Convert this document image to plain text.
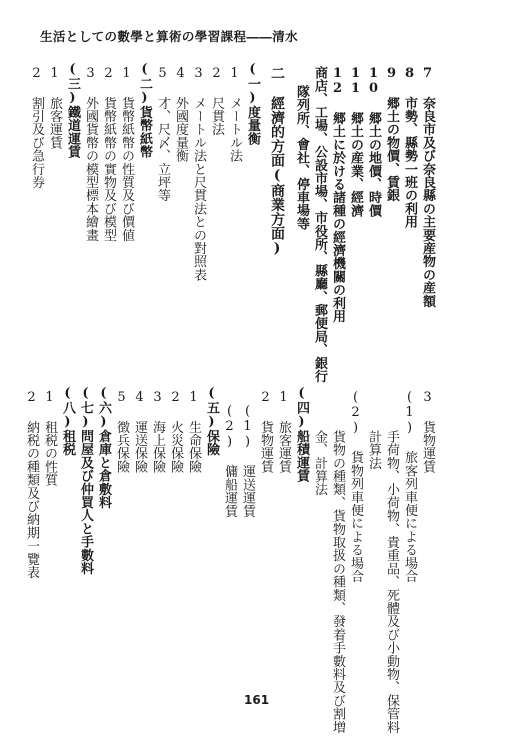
生活としての數學と算術の學習課程――清水
7 奈良市及び奈良縣の主要産物の産額
8 市勢、縣勢一班の利用
9 郷土の物價、賃銀
10 郷土の地價、時價
11 郷土の産業、經濟
12 郷土に於ける諸種の經濟機關の利用
商店、工場、公設市場、市役所、縣廳、郵便局、銀行
隊列所、會社、停車場等
二 經濟的方面(商業方面)
(一)度量衡
1 メートル法
2 尺貫法
3 メートル法と尺貫法との對照表
4 外國度量衡
5 才、尺〆、立坪等
(二)貨幣紙幣
1 貨幣紙幣の性質及び價値
2 貨幣紙幣の實物及び模型
3 外國貨幣の模型標本繪畫
(三)鐵道運賃
1 旅客運賃
2 割引及び急行券
3 貨物運賃
(1) 旅客列車便による場合
手荷物、小荷物、貴重品、死體及び小動物、保管料
計算法
(2) 貨物列車便による場合
貨物の種類、貨物取扱の種類、發着手數料及び割増
金、計算法
(四)船積運賃
1 旅客運賃
2 貨物運賃
(1) 運送運賃
(2) 傭船運賃
(五)保險
1 生命保險
2 火災保險
3 海上保險
4 運送保險
5 徴兵保險
(六)倉庫と倉敷料
(七)問屋及び仲買人と手數料
(八)租税
1 租税の性質
2 納税の種類及び納期一覽表
161
